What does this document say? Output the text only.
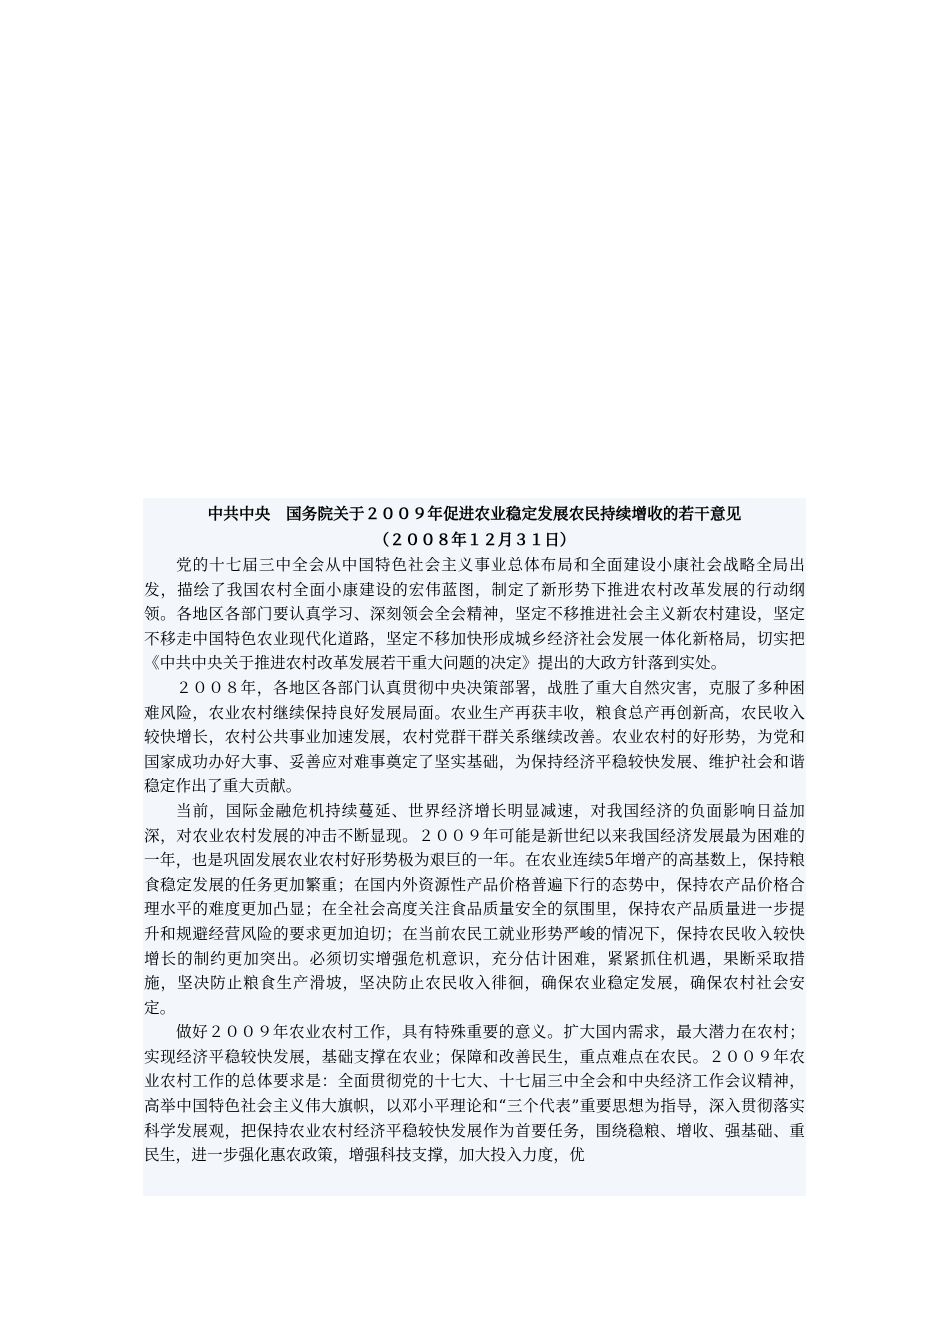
中共中央　国务院关于２００９年促进农业稳定发展农民持续增收的若干意见

（２００８年１２月３１日）

党的十七届三中全会从中国特色社会主义事业总体布局和全面建设小康社会战略全局出发，描绘了我国农村全面小康建设的宏伟蓝图，制定了新形势下推进农村改革发展的行动纲领。各地区各部门要认真学习、深刻领会全会精神，坚定不移推进社会主义新农村建设，坚定不移走中国特色农业现代化道路，坚定不移加快形成城乡经济社会发展一体化新格局，切实把《中共中央关于推进农村改革发展若干重大问题的决定》提出的大政方针落到实处。

２００８年，各地区各部门认真贯彻中央决策部署，战胜了重大自然灾害，克服了多种困难风险，农业农村继续保持良好发展局面。农业生产再获丰收，粮食总产再创新高，农民收入较快增长，农村公共事业加速发展，农村党群干群关系继续改善。农业农村的好形势，为党和国家成功办好大事、妥善应对难事奠定了坚实基础，为保持经济平稳较快发展、维护社会和谐稳定作出了重大贡献。

当前，国际金融危机持续蔓延、世界经济增长明显减速，对我国经济的负面影响日益加深，对农业农村发展的冲击不断显现。２００９年可能是新世纪以来我国经济发展最为困难的一年，也是巩固发展农业农村好形势极为艰巨的一年。在农业连续5年增产的高基数上，保持粮食稳定发展的任务更加繁重；在国内外资源性产品价格普遍下行的态势中，保持农产品价格合理水平的难度更加凸显；在全社会高度关注食品质量安全的氛围里，保持农产品质量进一步提升和规避经营风险的要求更加迫切；在当前农民工就业形势严峻的情况下，保持农民收入较快增长的制约更加突出。必须切实增强危机意识，充分估计困难，紧紧抓住机遇，果断采取措施，坚决防止粮食生产滑坡，坚决防止农民收入徘徊，确保农业稳定发展，确保农村社会安定。

做好２００９年农业农村工作，具有特殊重要的意义。扩大国内需求，最大潜力在农村；实现经济平稳较快发展，基础支撑在农业；保障和改善民生，重点难点在农民。２００９年农业农村工作的总体要求是：全面贯彻党的十七大、十七届三中全会和中央经济工作会议精神，高举中国特色社会主义伟大旗帜，以邓小平理论和“三个代表”重要思想为指导，深入贯彻落实科学发展观，把保持农业农村经济平稳较快发展作为首要任务，围绕稳粮、增收、强基础、重民生，进一步强化惠农政策，增强科技支撑，加大投入力度，优
